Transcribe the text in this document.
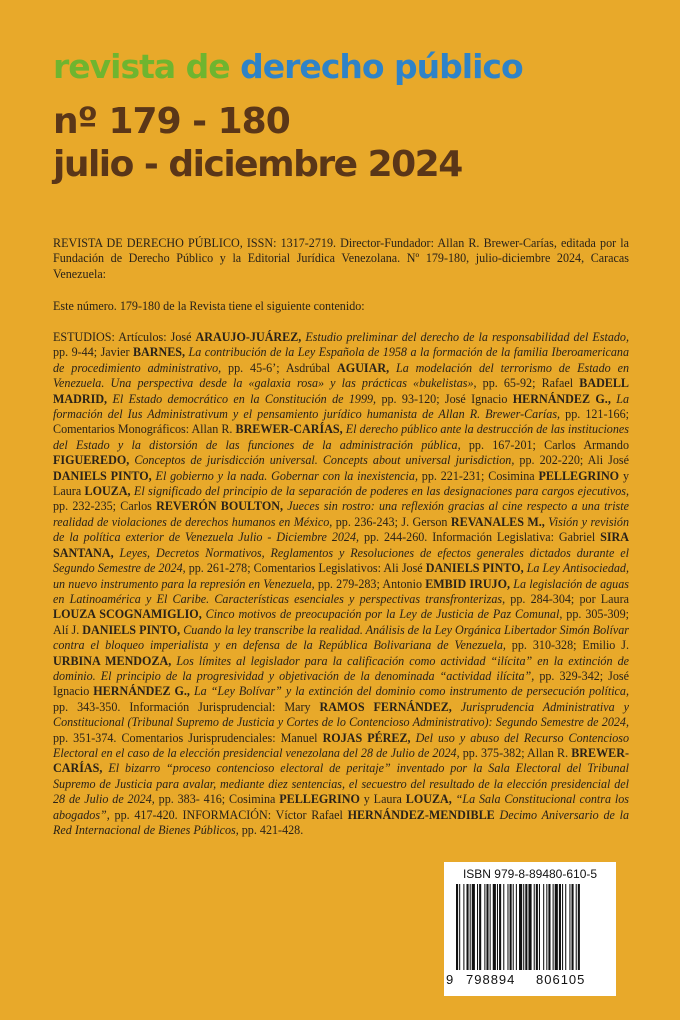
revista de derecho público
nº 179 - 180
julio - diciembre 2024
REVISTA DE DERECHO PÚBLICO, ISSN: 1317-2719. Director-Fundador: Allan R. Brewer-Carías, editada por la Fundación de Derecho Público y la Editorial Jurídica Venezolana. Nº 179-180, julio-diciembre 2024, Caracas Venezuela:
Este número. 179-180 de la Revista tiene el siguiente contenido:
ESTUDIOS: Artículos: José ARAUJO-JUÁREZ, Estudio preliminar del derecho de la responsabilidad del Estado, pp. 9-44; Javier BARNES, La contribución de la Ley Española de 1958 a la formación de la familia Iberoamericana de procedimiento administrativo, pp. 45-6’; Asdrúbal AGUIAR, La modelación del terrorismo de Estado en Venezuela. Una perspectiva desde la «galaxia rosa» y las prácticas «bukelistas», pp. 65-92; Rafael BADELL MADRID, El Estado democrático en la Constitución de 1999, pp. 93-120; José Ignacio HERNÁNDEZ G., La formación del Ius Administrativum y el pensamiento jurídico humanista de Allan R. Brewer-Carías, pp. 121-166; Comentarios Monográficos: Allan R. BREWER-CARÍAS, El derecho público ante la destrucción de las instituciones del Estado y la distorsión de las funciones de la administración pública, pp. 167-201; Carlos Armando FIGUEREDO, Conceptos de jurisdicción universal. Concepts about universal jurisdiction, pp. 202-220; Ali José DANIELS PINTO, El gobierno y la nada. Gobernar con la inexistencia, pp. 221-231; Cosimina PELLEGRINO y Laura LOUZA, El significado del principio de la separación de poderes en las designaciones para cargos ejecutivos, pp. 232-235; Carlos REVERÓN BOULTON, Jueces sin rostro: una reflexión gracias al cine respecto a una triste realidad de violaciones de derechos humanos en México, pp. 236-243; J. Gerson REVANALES M., Visión y revisión de la política exterior de Venezuela Julio - Diciembre 2024, pp. 244-260. Información Legislativa: Gabriel SIRA SANTANA, Leyes, Decretos Normativos, Reglamentos y Resoluciones de efectos generales dictados durante el Segundo Semestre de 2024, pp. 261-278; Comentarios Legislativos: Ali José DANIELS PINTO, La Ley Antisociedad, un nuevo instrumento para la represión en Venezuela, pp. 279-283; Antonio EMBID IRUJO, La legislación de aguas en Latinoamérica y El Caribe. Características esenciales y perspectivas transfronterizas, pp. 284-304; por Laura LOUZA SCOGNAMIGLIO, Cinco motivos de preocupación por la Ley de Justicia de Paz Comunal, pp. 305-309; Alí J. DANIELS PINTO, Cuando la ley transcribe la realidad. Análisis de la Ley Orgánica Libertador Simón Bolívar contra el bloqueo imperialista y en defensa de la República Bolivariana de Venezuela, pp. 310-328; Emilio J. URBINA MENDOZA, Los límites al legislador para la calificación como actividad “ilícita” en la extinción de dominio. El principio de la progresividad y objetivación de la denominada “actividad ilícita”, pp. 329-342; José Ignacio HERNÁNDEZ G., La “Ley Bolívar” y la extinción del dominio como instrumento de persecución política, pp. 343-350. Información Jurisprudencial: Mary RAMOS FERNÁNDEZ, Jurisprudencia Administrativa y Constitucional (Tribunal Supremo de Justicia y Cortes de lo Contencioso Administrativo): Segundo Semestre de 2024, pp. 351-374. Comentarios Jurisprudenciales: Manuel ROJAS PÉREZ, Del uso y abuso del Recurso Contencioso Electoral en el caso de la elección presidencial venezolana del 28 de Julio de 2024, pp. 375-382; Allan R. BREWER-CARÍAS, El bizarro “proceso contencioso electoral de peritaje” inventado por la Sala Electoral del Tribunal Supremo de Justicia para avalar, mediante diez sentencias, el secuestro del resultado de la elección presidencial del 28 de Julio de 2024, pp. 383- 416; Cosimina PELLEGRINO y Laura LOUZA, “La Sala Constitucional contra los abogados”, pp. 417-420. INFORMACIÓN: Víctor Rafael HERNÁNDEZ-MENDIBLE Decimo Aniversario de la Red Internacional de Bienes Públicos, pp. 421-428.
ISBN 979-8-89480-610-5
9 798894 806105
